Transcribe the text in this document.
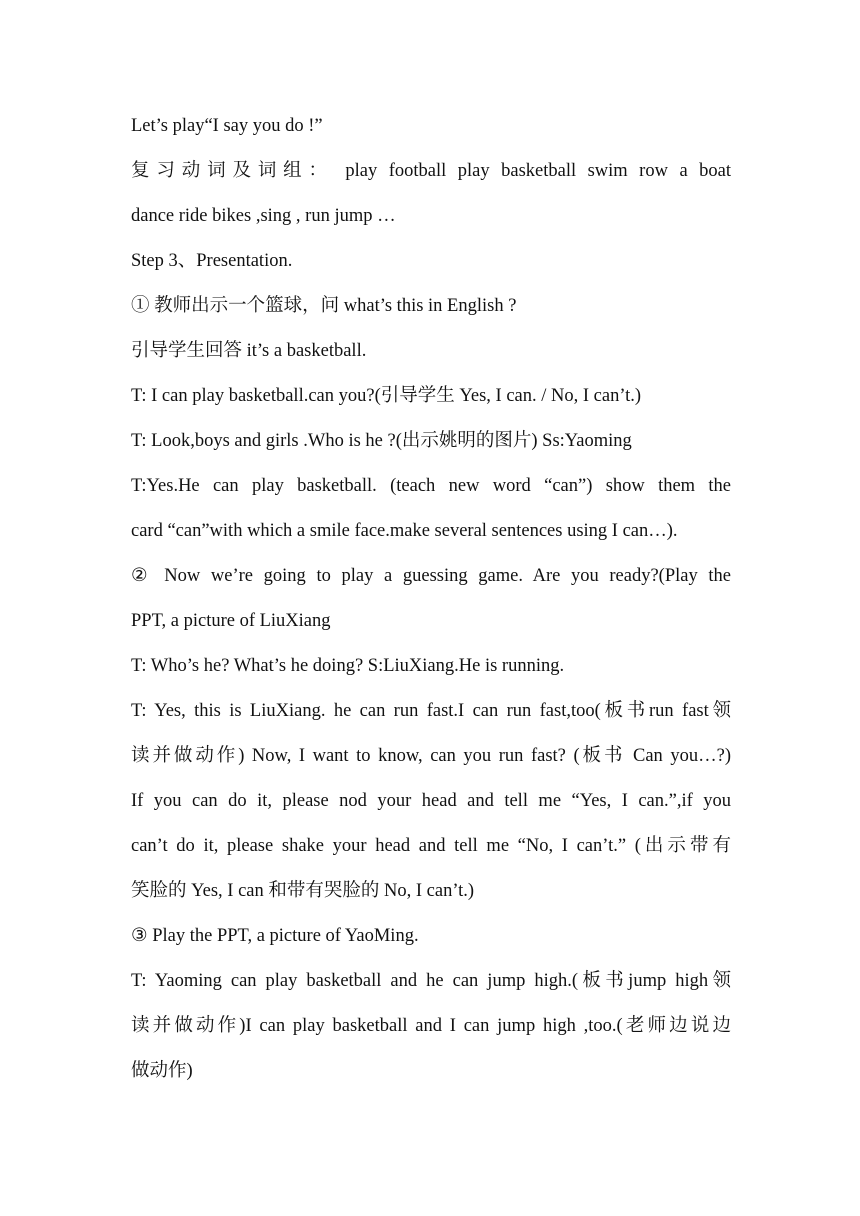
Let’s play“I say you do !”
复习动词及词组： play football play basketball swim row a boat
dance ride bikes ,sing , run jump …
Step 3、Presentation.
① 教师出示一个篮球，问 what’s this in English ?
引导学生回答 it’s a basketball.
T: I can play basketball.can you?(引导学生 Yes, I can. / No, I can’t.)
T: Look,boys and girls .Who is he ?(出示姚明的图片) Ss:Yaoming
T:Yes.He can play basketball. (teach new word “can”) show them the
card “can”with which a smile face.make several sentences using I can…).
② Now we’re going to play a guessing game. Are you ready?(Play the
PPT, a picture of LiuXiang
T: Who’s he? What’s he doing? S:LiuXiang.He is running.
T: Yes, this is LiuXiang. he can run fast.I can run fast,too(板书run fast领
读并做动作) Now, I want to know, can you run fast? (板书 Can you…?)
If you can do it, please nod your head and tell me “Yes, I can.”,if you
can’t do it, please shake your head and tell me “No, I can’t.” (出示带有
笑脸的 Yes, I can 和带有哭脸的 No, I can’t.)
③ Play the PPT, a picture of YaoMing.
T: Yaoming can play basketball and he can jump high.(板书jump high领
读并做动作)I can play basketball and I can jump high ,too.(老师边说边
做动作)
